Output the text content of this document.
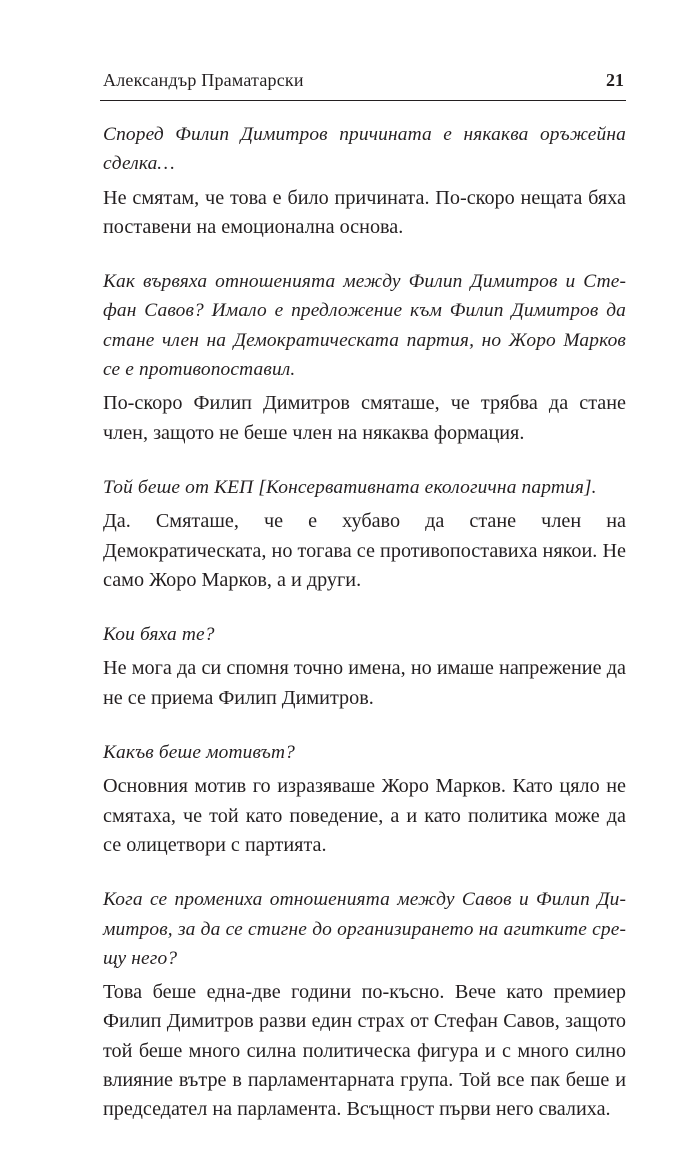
Александър Праматарски	21

Според Филип Димитров причината е някаква оръжейна сделка…

Не смятам, че това е било причината. По-скоро нещата бяха поставени на емоционална основа.

Как вървяха отношенията между Филип Димитров и Стефан Савов? Имало е предложение към Филип Димитров да стане член на Демократическата партия, но Жоро Марков се е противопоставил.

По-скоро Филип Димитров смяташе, че трябва да стане член, защото не беше член на някаква формация.

Той беше от КЕП [Консервативната екологична партия].

Да. Смяташе, че е хубаво да стане член на Демократическата, но тогава се противопоставиха някои. Не само Жоро Марков, а и други.

Кои бяха те?

Не мога да си спомня точно имена, но имаше напрежение да не се приема Филип Димитров.

Какъв беше мотивът?

Основния мотив го изразяваше Жоро Марков. Като цяло не смятаха, че той като поведение, а и като политика може да се олицетвори с партията.

Кога се промениха отношенията между Савов и Филип Димитров, за да се стигне до организирането на агитките срещу него?

Това беше една-две години по-късно. Вече като премиер Филип Димитров разви един страх от Стефан Савов, защото той беше много силна политическа фигура и с много силно влияние вътре в парламентарната група. Той все пак беше и председател на парламента. Всъщност първи него свалиха.
